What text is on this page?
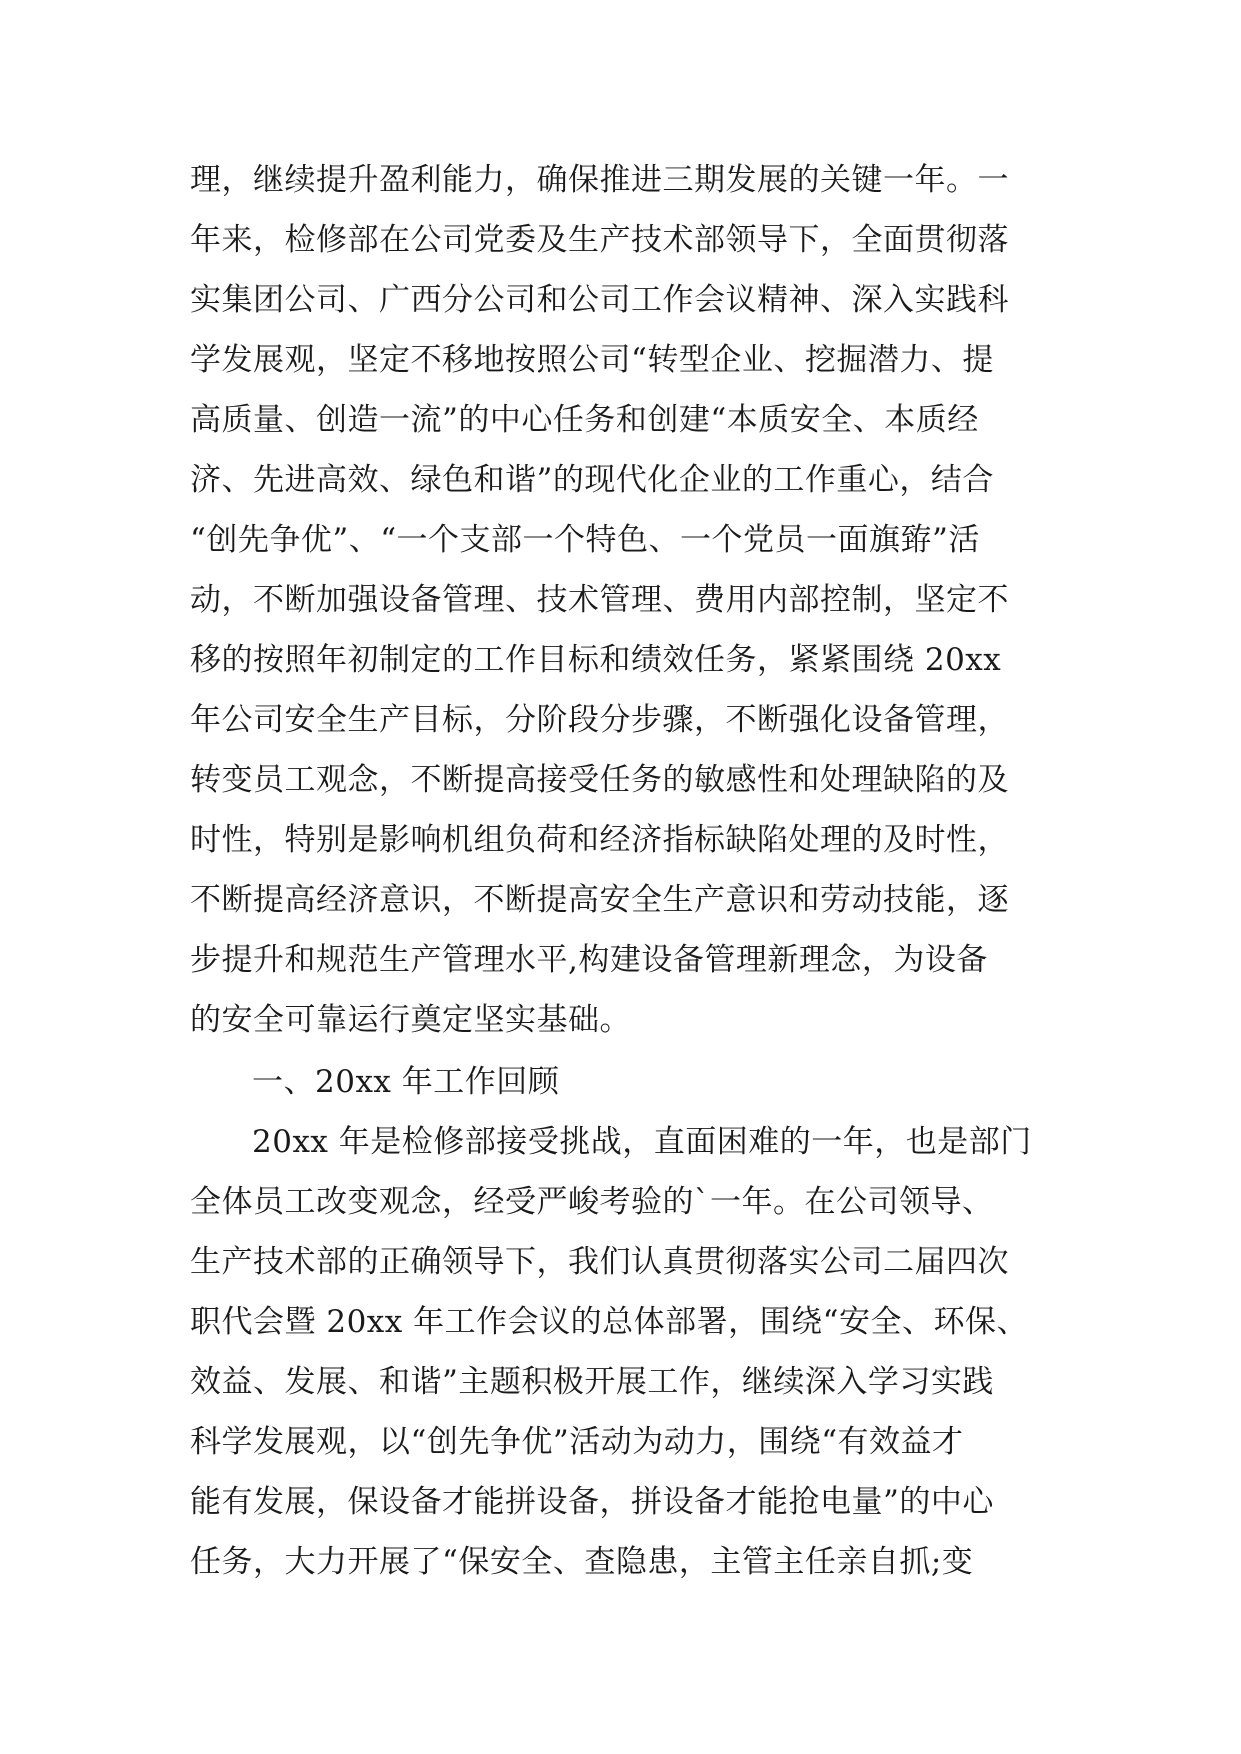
理，继续提升盈利能力，确保推进三期发展的关键一年。一
年来，检修部在公司党委及生产技术部领导下，全面贯彻落
实集团公司、广西分公司和公司工作会议精神、深入实践科
学发展观，坚定不移地按照公司“转型企业、挖掘潜力、提
高质量、创造一流”的中心任务和创建“本质安全、本质经
济、先进高效、绿色和谐”的现代化企业的工作重心，结合
“创先争优”、“一个支部一个特色、一个党员一面旗臶”活
动，不断加强设备管理、技术管理、费用内部控制，坚定不
移的按照年初制定的工作目标和绩效任务，紧紧围绕 20xx
年公司安全生产目标，分阶段分步骤，不断强化设备管理，
转变员工观念，不断提高接受任务的敏感性和处理缺陷的及
时性，特别是影响机组负荷和经济指标缺陷处理的及时性，
不断提高经济意识，不断提高安全生产意识和劳动技能，逐
步提升和规范生产管理水平,构建设备管理新理念，为设备
的安全可靠运行奠定坚实基础。
一、20xx 年工作回顾
20xx 年是检修部接受挑战，直面困难的一年，也是部门
全体员工改变观念，经受严峻考验的`一年。在公司领导、
生产技术部的正确领导下，我们认真贯彻落实公司二届四次
职代会暨 20xx 年工作会议的总体部署，围绕“安全、环保、
效益、发展、和谐”主题积极开展工作，继续深入学习实践
科学发展观，以“创先争优”活动为动力，围绕“有效益才
能有发展，保设备才能拼设备，拼设备才能抢电量”的中心
任务，大力开展了“保安全、查隐患，主管主任亲自抓;变
